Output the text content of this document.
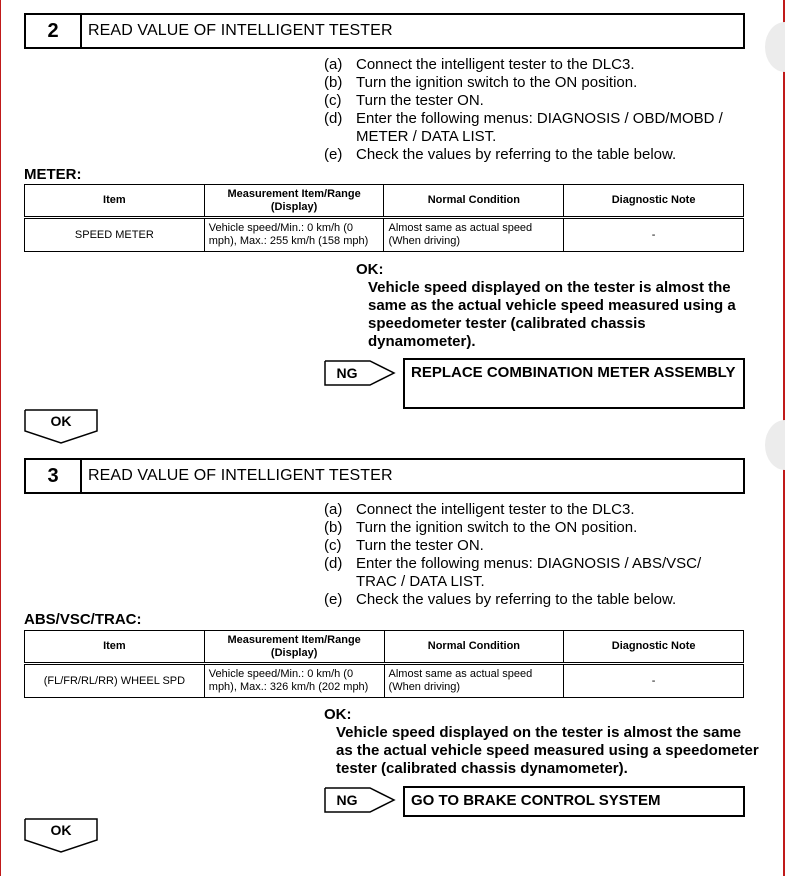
2	READ VALUE OF INTELLIGENT TESTER
(a) Connect the intelligent tester to the DLC3.
(b) Turn the ignition switch to the ON position.
(c) Turn the tester ON.
(d) Enter the following menus: DIAGNOSIS / OBD/MOBD / METER / DATA LIST.
(e) Check the values by referring to the table below.
METER:
Item	Measurement Item/Range (Display)	Normal Condition	Diagnostic Note
SPEED METER	Vehicle speed/Min.: 0 km/h (0 mph), Max.: 255 km/h (158 mph)	Almost same as actual speed (When driving)	-
OK:
Vehicle speed displayed on the tester is almost the same as the actual vehicle speed measured using a speedometer tester (calibrated chassis dynamometer).
NG	REPLACE COMBINATION METER ASSEMBLY
OK
3	READ VALUE OF INTELLIGENT TESTER
(a) Connect the intelligent tester to the DLC3.
(b) Turn the ignition switch to the ON position.
(c) Turn the tester ON.
(d) Enter the following menus: DIAGNOSIS / ABS/VSC/ TRAC / DATA LIST.
(e) Check the values by referring to the table below.
ABS/VSC/TRAC:
Item	Measurement Item/Range (Display)	Normal Condition	Diagnostic Note
(FL/FR/RL/RR) WHEEL SPD	Vehicle speed/Min.: 0 km/h (0 mph), Max.: 326 km/h (202 mph)	Almost same as actual speed (When driving)	-
OK:
Vehicle speed displayed on the tester is almost the same as the actual vehicle speed measured using a speedometer tester (calibrated chassis dynamometer).
NG	GO TO BRAKE CONTROL SYSTEM
OK
